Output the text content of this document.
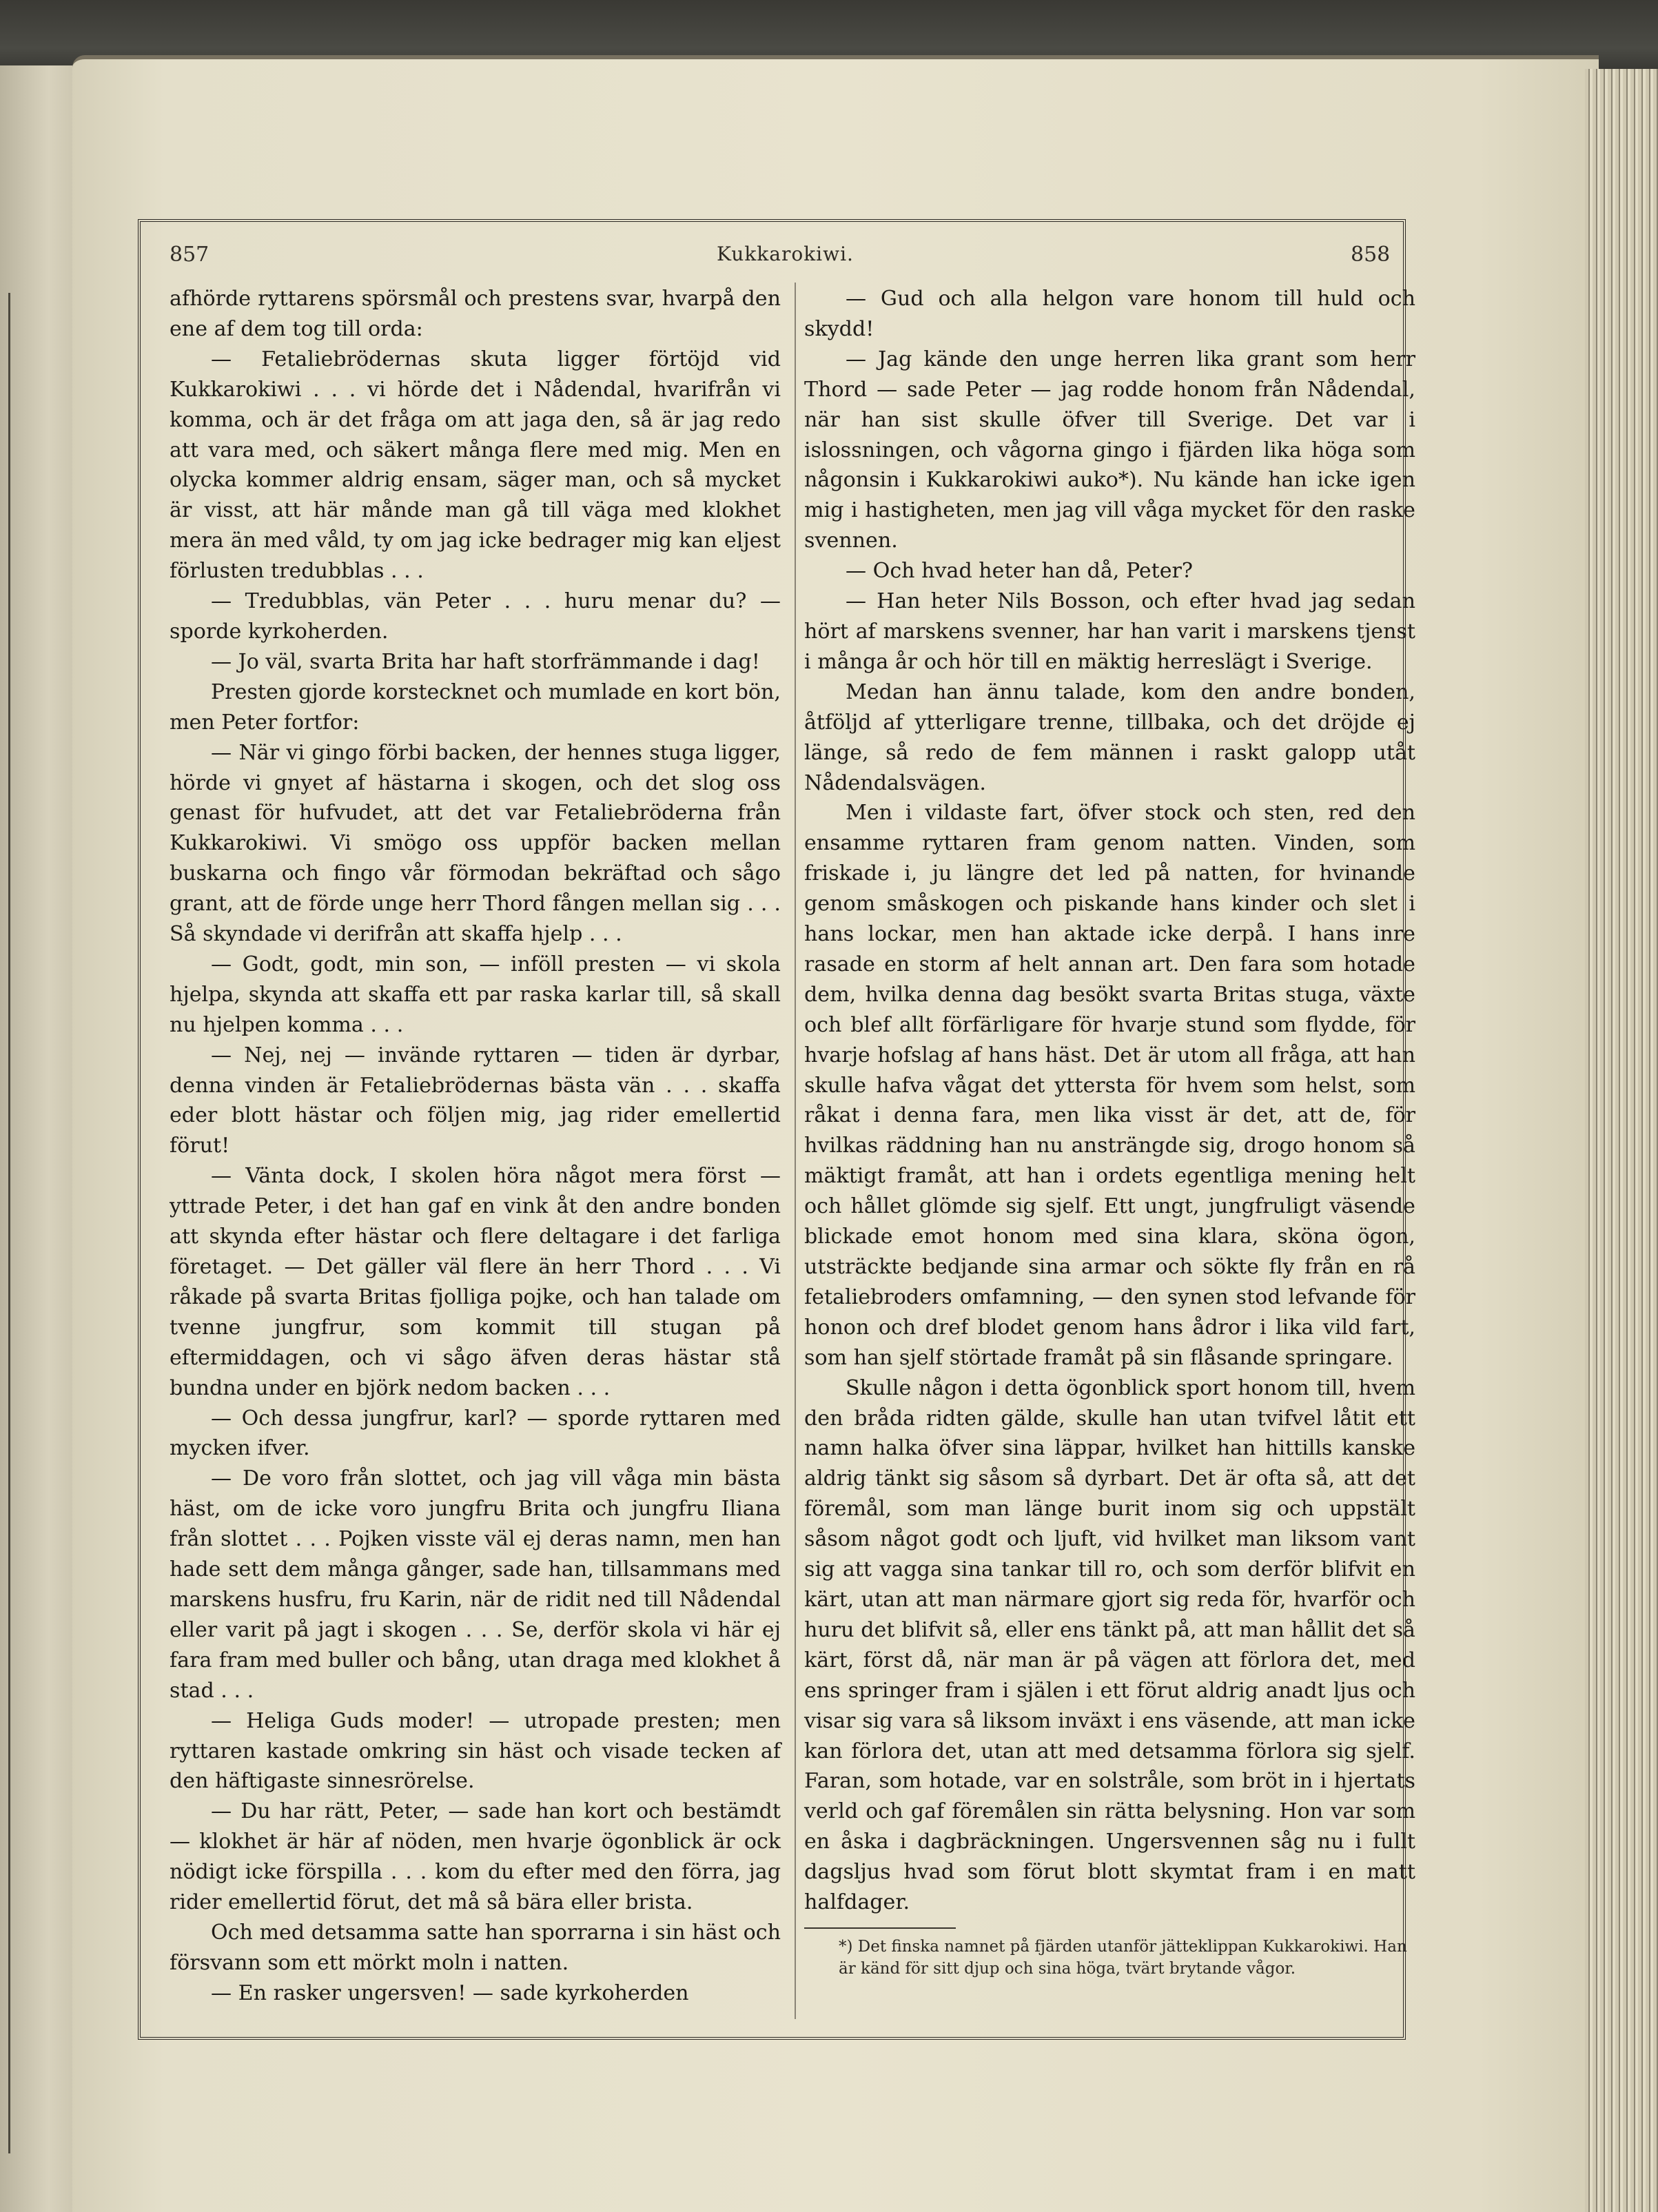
857	Kukkarokiwi.	858

afhörde ryttarens spörsmål och prestens svar, hvarpå den ene af dem tog till orda:

— Fetaliebrödernas skuta ligger förtöjd vid Kukkarokiwi . . . vi hörde det i Nådendal, hvarifrån vi komma, och är det fråga om att jaga den, så är jag redo att vara med, och säkert många flere med mig. Men en olycka kommer aldrig ensam, säger man, och så mycket är visst, att här månde man gå till väga med klokhet mera än med våld, ty om jag icke bedrager mig kan eljest förlusten tredubblas . . .

— Tredubblas, vän Peter . . . huru menar du? — sporde kyrkoherden.

— Jo väl, svarta Brita har haft storfrämmande i dag!

Presten gjorde korstecknet och mumlade en kort bön, men Peter fortfor:

— När vi gingo förbi backen, der hennes stuga ligger, hörde vi gnyet af hästarna i skogen, och det slog oss genast för hufvudet, att det var Fetaliebröderna från Kukkarokiwi. Vi smögo oss uppför backen mellan buskarna och fingo vår förmodan bekräftad och sågo grant, att de förde unge herr Thord fången mellan sig . . . Så skyndade vi derifrån att skaffa hjelp . . .

— Godt, godt, min son, — inföll presten — vi skola hjelpa, skynda att skaffa ett par raska karlar till, så skall nu hjelpen komma . . .

— Nej, nej — invände ryttaren — tiden är dyrbar, denna vinden är Fetaliebrödernas bästa vän . . . skaffa eder blott hästar och följen mig, jag rider emellertid förut!

— Vänta dock, I skolen höra något mera först — yttrade Peter, i det han gaf en vink åt den andre bonden att skynda efter hästar och flere deltagare i det farliga företaget. — Det gäller väl flere än herr Thord . . . Vi råkade på svarta Britas fjolliga pojke, och han talade om tvenne jungfrur, som kommit till stugan på eftermiddagen, och vi sågo äfven deras hästar stå bundna under en björk nedom backen . . .

— Och dessa jungfrur, karl? — sporde ryttaren med mycken ifver.

— De voro från slottet, och jag vill våga min bästa häst, om de icke voro jungfru Brita och jungfru Iliana från slottet . . . Pojken visste väl ej deras namn, men han hade sett dem många gånger, sade han, tillsammans med marskens husfru, fru Karin, när de ridit ned till Nådendal eller varit på jagt i skogen . . . Se, derför skola vi här ej fara fram med buller och bång, utan draga med klokhet å stad . . .

— Heliga Guds moder! — utropade presten; men ryttaren kastade omkring sin häst och visade tecken af den häftigaste sinnesrörelse.

— Du har rätt, Peter, — sade han kort och bestämdt — klokhet är här af nöden, men hvarje ögonblick är ock nödigt icke förspilla . . . kom du efter med den förra, jag rider emellertid förut, det må så bära eller brista.

Och med detsamma satte han sporrarna i sin häst och försvann som ett mörkt moln i natten.

— En rasker ungersven! — sade kyrkoherden

— Gud och alla helgon vare honom till huld och skydd!

— Jag kände den unge herren lika grant som herr Thord — sade Peter — jag rodde honom från Nådendal, när han sist skulle öfver till Sverige. Det var i islossningen, och vågorna gingo i fjärden lika höga som någonsin i Kukkarokiwi auko*). Nu kände han icke igen mig i hastigheten, men jag vill våga mycket för den raske svennen.

— Och hvad heter han då, Peter?

— Han heter Nils Bosson, och efter hvad jag sedan hört af marskens svenner, har han varit i marskens tjenst i många år och hör till en mäktig herreslägt i Sverige.

Medan han ännu talade, kom den andre bonden, åtföljd af ytterligare trenne, tillbaka, och det dröjde ej länge, så redo de fem männen i raskt galopp utåt Nådendalsvägen.

Men i vildaste fart, öfver stock och sten, red den ensamme ryttaren fram genom natten. Vinden, som friskade i, ju längre det led på natten, for hvinande genom småskogen och piskande hans kinder och slet i hans lockar, men han aktade icke derpå. I hans inre rasade en storm af helt annan art. Den fara som hotade dem, hvilka denna dag besökt svarta Britas stuga, växte och blef allt förfärligare för hvarje stund som flydde, för hvarje hofslag af hans häst. Det är utom all fråga, att han skulle hafva vågat det yttersta för hvem som helst, som råkat i denna fara, men lika visst är det, att de, för hvilkas räddning han nu ansträngde sig, drogo honom så mäktigt framåt, att han i ordets egentliga mening helt och hållet glömde sig sjelf. Ett ungt, jungfruligt väsende blickade emot honom med sina klara, sköna ögon, utsträckte bedjande sina armar och sökte fly från en rå fetaliebroders omfamning, — den synen stod lefvande för honon och dref blodet genom hans ådror i lika vild fart, som han sjelf störtade framåt på sin flåsande springare.

Skulle någon i detta ögonblick sport honom till, hvem den bråda ridten gälde, skulle han utan tvifvel låtit ett namn halka öfver sina läppar, hvilket han hittills kanske aldrig tänkt sig såsom så dyrbart. Det är ofta så, att det föremål, som man länge burit inom sig och uppstält såsom något godt och ljuft, vid hvilket man liksom vant sig att vagga sina tankar till ro, och som derför blifvit en kärt, utan att man närmare gjort sig reda för, hvarför och huru det blifvit så, eller ens tänkt på, att man hållit det så kärt, först då, när man är på vägen att förlora det, med ens springer fram i själen i ett förut aldrig anadt ljus och visar sig vara så liksom inväxt i ens väsende, att man icke kan förlora det, utan att med detsamma förlora sig sjelf. Faran, som hotade, var en solstråle, som bröt in i hjertats verld och gaf föremålen sin rätta belysning. Hon var som en åska i dagbräckningen. Ungersvennen såg nu i fullt dagsljus hvad som förut blott skymtat fram i en matt halfdager.

*) Det finska namnet på fjärden utanför jätteklippan Kukkarokiwi. Han är känd för sitt djup och sina höga, tvärt brytande vågor.
